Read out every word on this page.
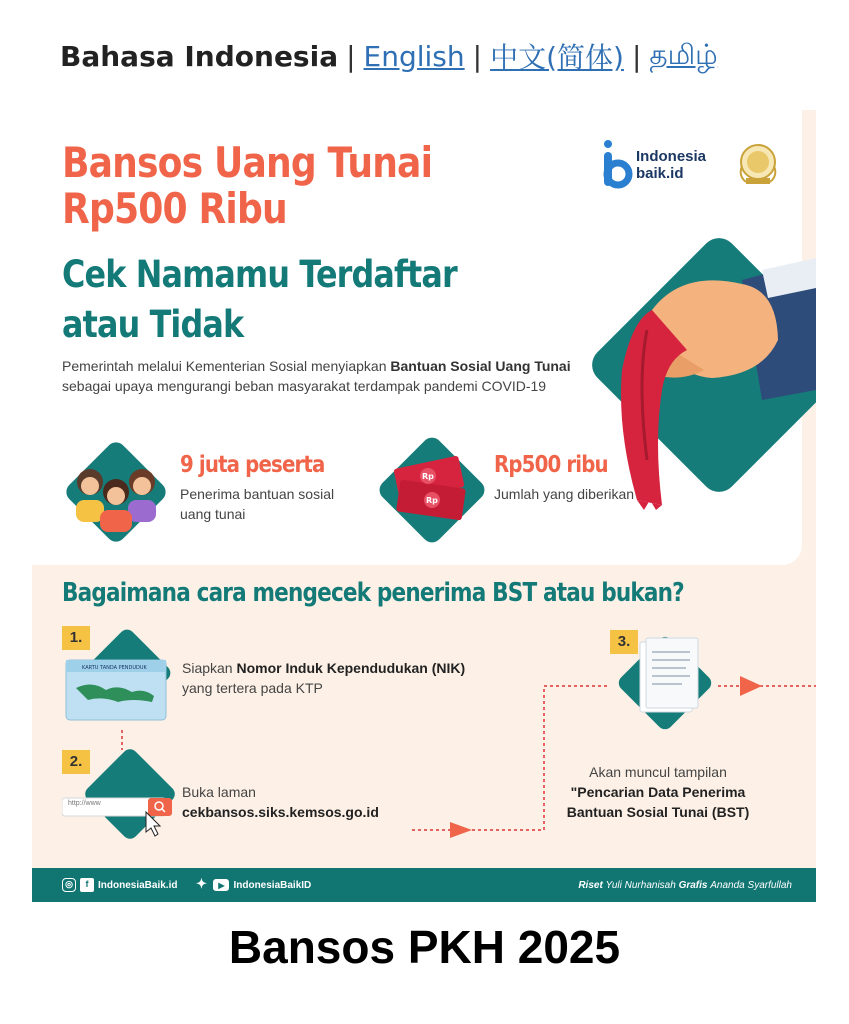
Bahasa Indonesia | English | 中文(简体) | தமிழ்
Bansos Uang Tunai
Rp500 Ribu
Cek Namamu Terdaftar
atau Tidak
Pemerintah melalui Kementerian Sosial menyiapkan Bantuan Sosial Uang Tunai sebagai upaya mengurangi beban masyarakat terdampak pandemi COVID-19
Indonesia
baik.id
9 juta peserta
Penerima bantuan sosial
uang tunai
Rp
Rp
Rp500 ribu
Jumlah yang diberikan
Bagaimana cara mengecek penerima BST atau bukan?
1.
KARTU TANDA PENDUDUK	Siapkan Nomor Induk Kependudukan (NIK)
yang tertera pada KTP
2.
http://www
Buka laman
cekbansos.siks.kemsos.go.id
3.
Akan muncul tampilan
"Pencarian Data Penerima
Bantuan Sosial Tunai (BST)
◎	f IndonesiaBaik.id ✦	▶ IndonesiaBaikID	Riset
Yuli Nurhanisah
Grafis
Ananda Syarfullah
Bansos PKH 2025
